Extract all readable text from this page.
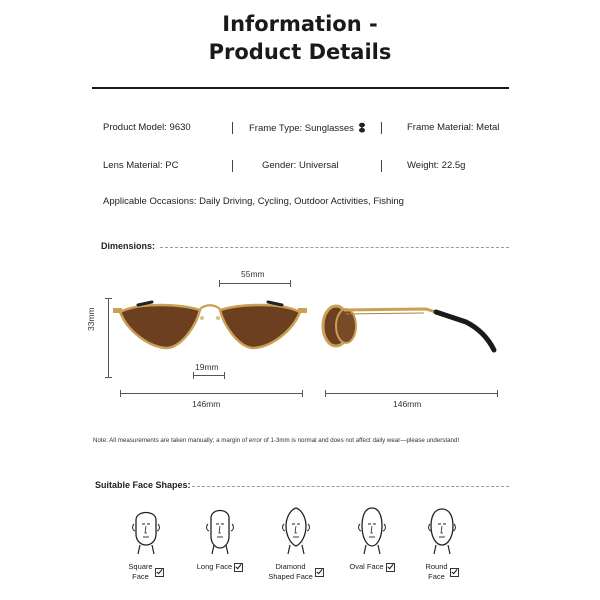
Information -
Product Details
Product Model: 9630	Frame Type: Sunglasses	Frame Material: Metal
Lens Material: PC	Gender: Universal	Weight: 22.5g
Applicable Occasions: Daily Driving, Cycling, Outdoor Activities, Fishing
Dimensions:
55mm
33mm
19mm
146mm	146mm
Note: All measurements are taken manually; a margin of error of 1-3mm is normal and does not affect daily wear—please understand!
Suitable Face Shapes:
Square
Face
Long Face	Diamond
Shaped Face
Oval Face	Round
Face
